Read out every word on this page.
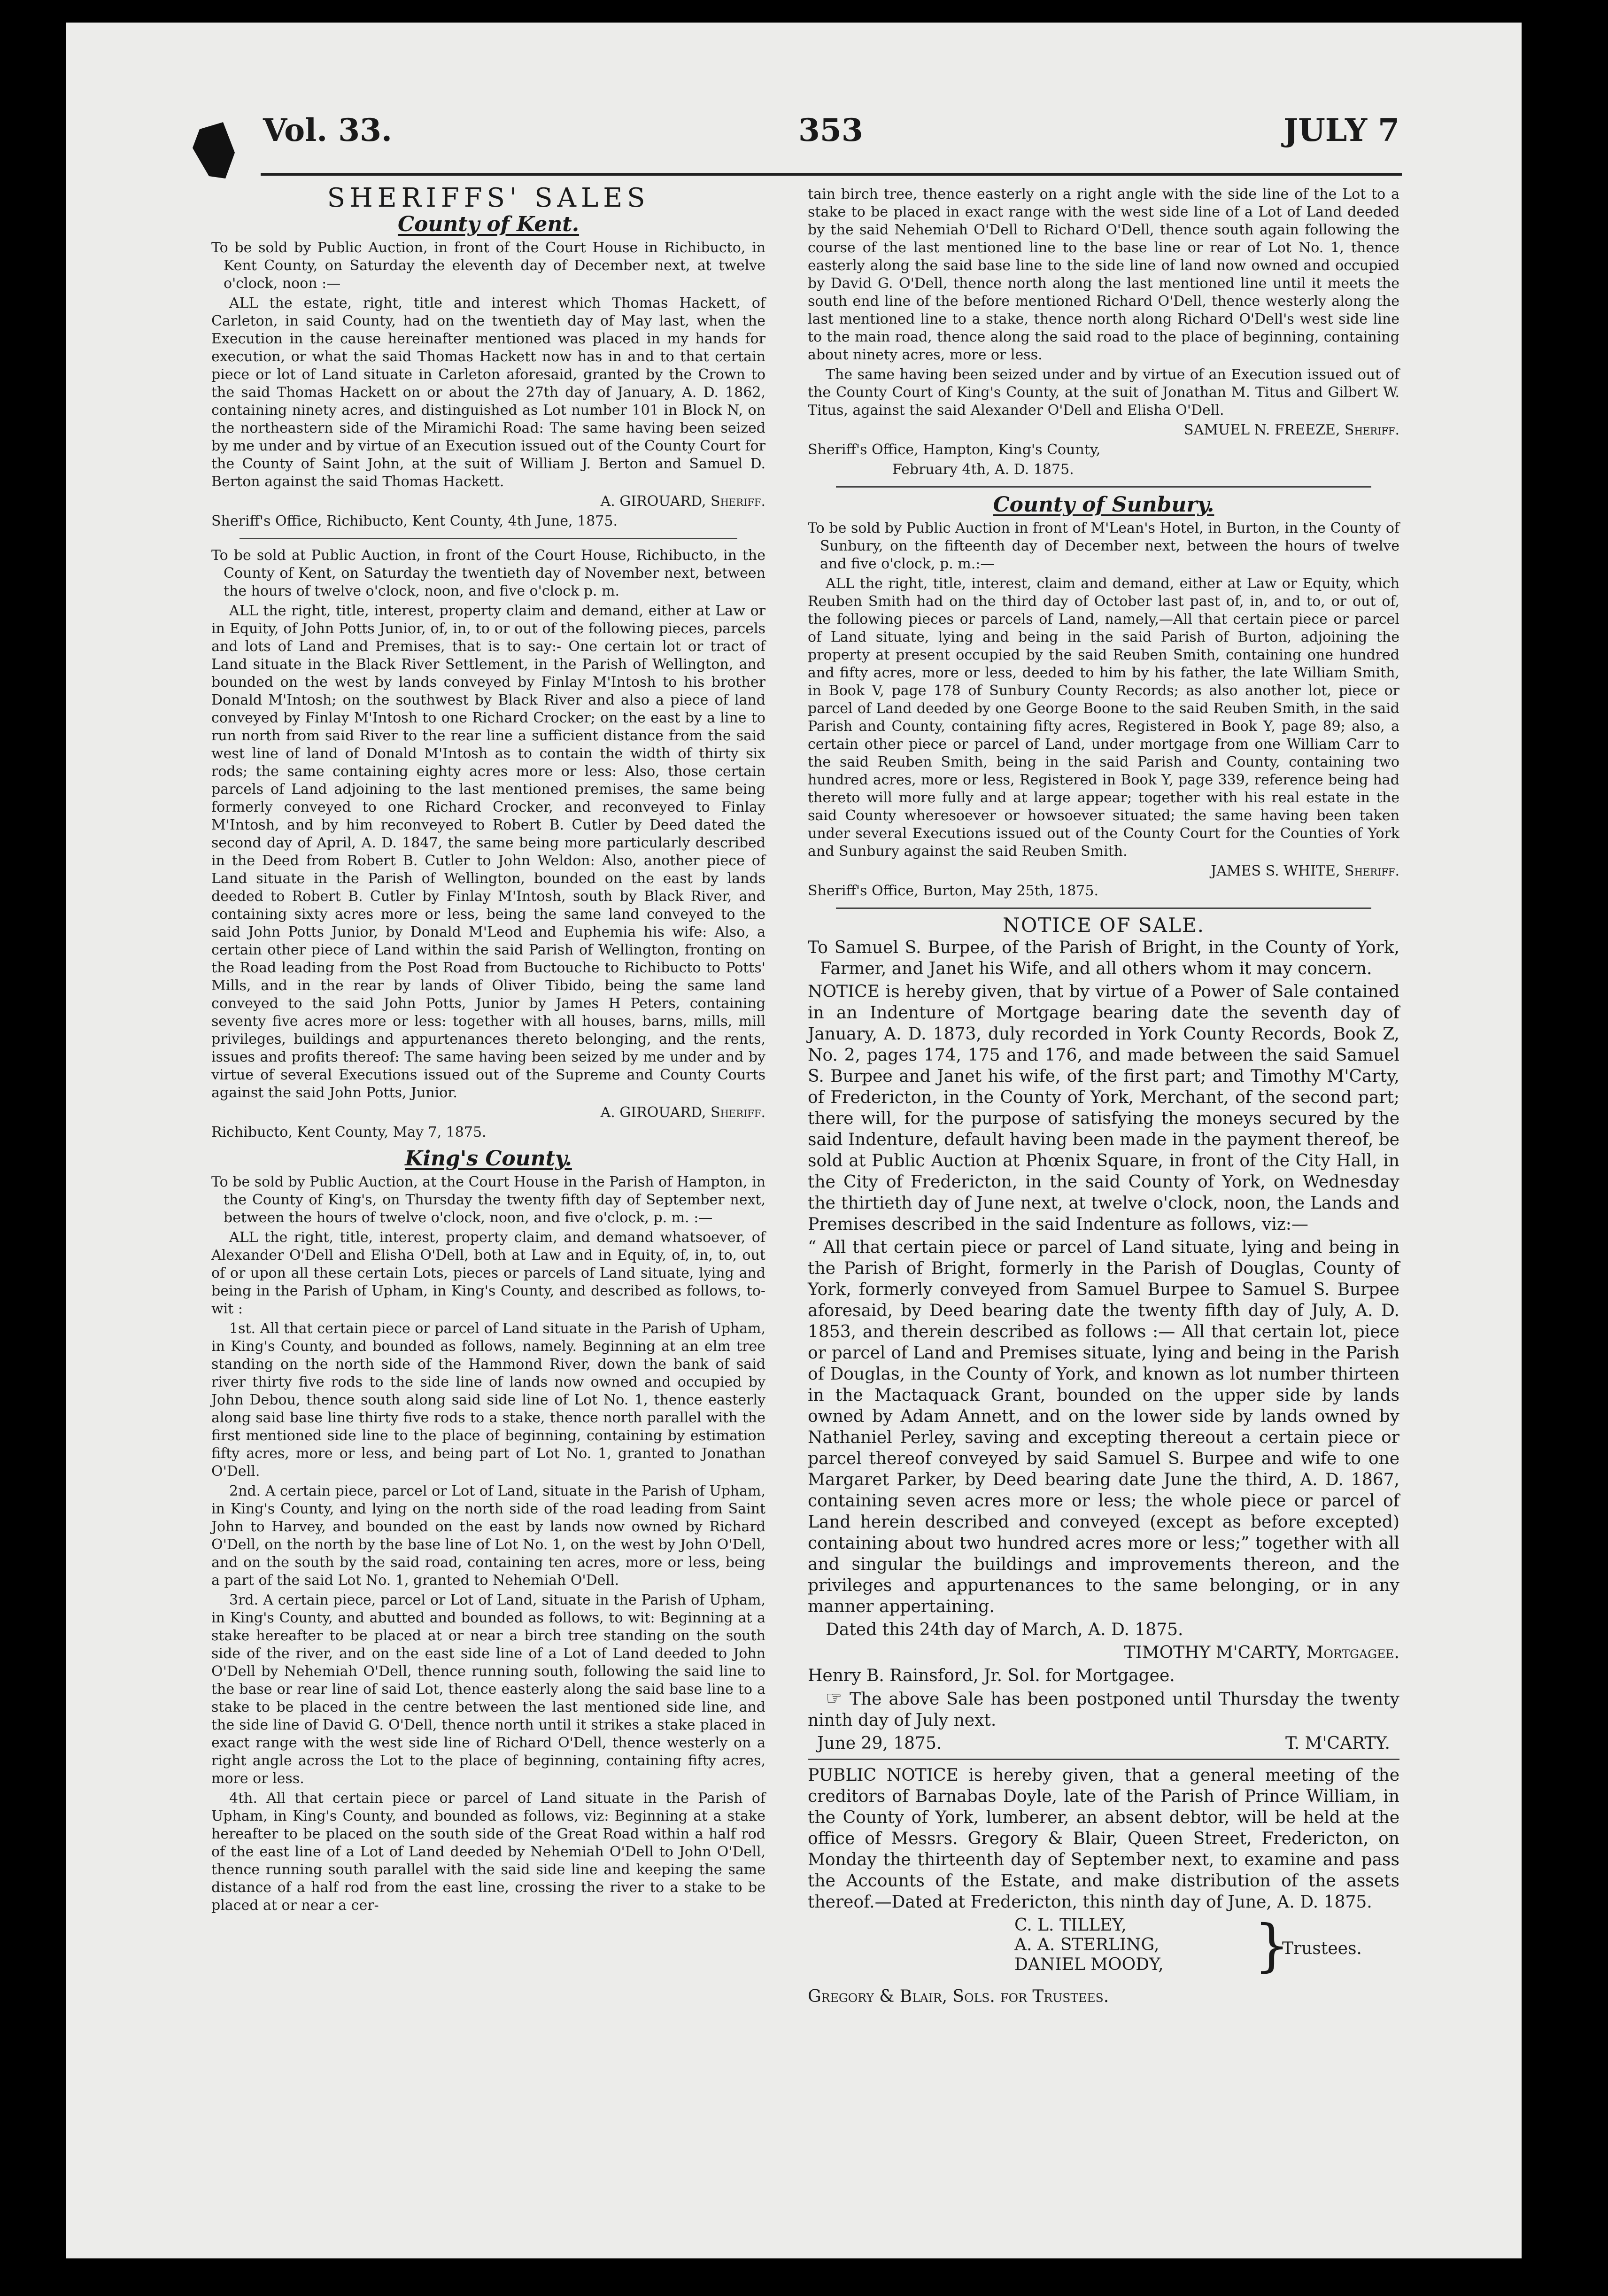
Vol. 33.	353	JULY 7
SHERIFFS' SALES
County of Kent.

To be sold by Public Auction, in front of the Court House in Richibucto, in Kent County, on Saturday the eleventh day of December next, at twelve o'clock, noon :—

ALL the estate, right, title and interest which Thomas Hackett, of Carleton, in said County, had on the twentieth day of May last, when the Execution in the cause hereinafter mentioned was placed in my hands for execution, or what the said Thomas Hackett now has in and to that certain piece or lot of Land situate in Carleton aforesaid, granted by the Crown to the said Thomas Hackett on or about the 27th day of January, A. D. 1862, containing ninety acres, and distinguished as Lot number 101 in Block N, on the northeastern side of the Miramichi Road: The same having been seized by me under and by virtue of an Execution issued out of the County Court for the County of Saint John, at the suit of William J. Berton and Samuel D. Berton against the said Thomas Hackett.

A. GIROUARD, Sheriff.

Sheriff's Office, Richibucto, Kent County, 4th June, 1875.

To be sold at Public Auction, in front of the Court House, Richibucto, in the County of Kent, on Saturday the twentieth day of November next, between the hours of twelve o'clock, noon, and five o'clock p. m.

ALL the right, title, interest, property claim and demand, either at Law or in Equity, of John Potts Junior, of, in, to or out of the following pieces, parcels and lots of Land and Premises, that is to say:- One certain lot or tract of Land situate in the Black River Settlement, in the Parish of Wellington, and bounded on the west by lands conveyed by Finlay M'Intosh to his brother Donald M'Intosh; on the southwest by Black River and also a piece of land conveyed by Finlay M'Intosh to one Richard Crocker; on the east by a line to run north from said River to the rear line a sufficient distance from the said west line of land of Donald M'Intosh as to contain the width of thirty six rods; the same containing eighty acres more or less: Also, those certain parcels of Land adjoining to the last mentioned premises, the same being formerly conveyed to one Richard Crocker, and reconveyed to Finlay M'Intosh, and by him reconveyed to Robert B. Cutler by Deed dated the second day of April, A. D. 1847, the same being more particularly described in the Deed from Robert B. Cutler to John Weldon: Also, another piece of Land situate in the Parish of Wellington, bounded on the east by lands deeded to Robert B. Cutler by Finlay M'Intosh, south by Black River, and containing sixty acres more or less, being the same land conveyed to the said John Potts Junior, by Donald M'Leod and Euphemia his wife: Also, a certain other piece of Land within the said Parish of Wellington, fronting on the Road leading from the Post Road from Buctouche to Richibucto to Potts' Mills, and in the rear by lands of Oliver Tibido, being the same land conveyed to the said John Potts, Junior by James H Peters, containing seventy five acres more or less: together with all houses, barns, mills, mill privileges, buildings and appurtenances thereto belonging, and the rents, issues and profits thereof: The same having been seized by me under and by virtue of several Executions issued out of the Supreme and County Courts against the said John Potts, Junior.

A. GIROUARD, Sheriff.

Richibucto, Kent County, May 7, 1875.

King's County.

To be sold by Public Auction, at the Court House in the Parish of Hampton, in the County of King's, on Thursday the twenty fifth day of September next, between the hours of twelve o'clock, noon, and five o'clock, p. m. :—

ALL the right, title, interest, property claim, and demand whatsoever, of Alexander O'Dell and Elisha O'Dell, both at Law and in Equity, of, in, to, out of or upon all these certain Lots, pieces or parcels of Land situate, lying and being in the Parish of Upham, in King's County, and described as follows, to-wit :

1st. All that certain piece or parcel of Land situate in the Parish of Upham, in King's County, and bounded as follows, namely. Beginning at an elm tree standing on the north side of the Hammond River, down the bank of said river thirty five rods to the side line of lands now owned and occupied by John Debou, thence south along said side line of Lot No. 1, thence easterly along said base line thirty five rods to a stake, thence north parallel with the first mentioned side line to the place of beginning, containing by estimation fifty acres, more or less, and being part of Lot No. 1, granted to Jonathan O'Dell.

2nd. A certain piece, parcel or Lot of Land, situate in the Parish of Upham, in King's County, and lying on the north side of the road leading from Saint John to Harvey, and bounded on the east by lands now owned by Richard O'Dell, on the north by the base line of Lot No. 1, on the west by John O'Dell, and on the south by the said road, containing ten acres, more or less, being a part of the said Lot No. 1, granted to Nehemiah O'Dell.

3rd. A certain piece, parcel or Lot of Land, situate in the Parish of Upham, in King's County, and abutted and bounded as follows, to wit: Beginning at a stake hereafter to be placed at or near a birch tree standing on the south side of the river, and on the east side line of a Lot of Land deeded to John O'Dell by Nehemiah O'Dell, thence running south, following the said line to the base or rear line of said Lot, thence easterly along the said base line to a stake to be placed in the centre between the last mentioned side line, and the side line of David G. O'Dell, thence north until it strikes a stake placed in exact range with the west side line of Richard O'Dell, thence westerly on a right angle across the Lot to the place of beginning, containing fifty acres, more or less.

4th. All that certain piece or parcel of Land situate in the Parish of Upham, in King's County, and bounded as follows, viz: Beginning at a stake hereafter to be placed on the south side of the Great Road within a half rod of the east line of a Lot of Land deeded by Nehemiah O'Dell to John O'Dell, thence running south parallel with the said side line and keeping the same distance of a half rod from the east line, crossing the river to a stake to be placed at or near a cer-

tain birch tree, thence easterly on a right angle with the side line of the Lot to a stake to be placed in exact range with the west side line of a Lot of Land deeded by the said Nehemiah O'Dell to Richard O'Dell, thence south again following the course of the last mentioned line to the base line or rear of Lot No. 1, thence easterly along the said base line to the side line of land now owned and occupied by David G. O'Dell, thence north along the last mentioned line until it meets the south end line of the before mentioned Richard O'Dell, thence westerly along the last mentioned line to a stake, thence north along Richard O'Dell's west side line to the main road, thence along the said road to the place of beginning, containing about ninety acres, more or less.

The same having been seized under and by virtue of an Execution issued out of the County Court of King's County, at the suit of Jonathan M. Titus and Gilbert W. Titus, against the said Alexander O'Dell and Elisha O'Dell.

SAMUEL N. FREEZE, Sheriff.

Sheriff's Office, Hampton, King's County,

February 4th, A. D. 1875.

County of Sunbury.

To be sold by Public Auction in front of M'Lean's Hotel, in Burton, in the County of Sunbury, on the fifteenth day of December next, between the hours of twelve and five o'clock, p. m.:—

ALL the right, title, interest, claim and demand, either at Law or Equity, which Reuben Smith had on the third day of October last past of, in, and to, or out of, the following pieces or parcels of Land, namely,—All that certain piece or parcel of Land situate, lying and being in the said Parish of Burton, adjoining the property at present occupied by the said Reuben Smith, containing one hundred and fifty acres, more or less, deeded to him by his father, the late William Smith, in Book V, page 178 of Sunbury County Records; as also another lot, piece or parcel of Land deeded by one George Boone to the said Reuben Smith, in the said Parish and County, containing fifty acres, Registered in Book Y, page 89; also, a certain other piece or parcel of Land, under mortgage from one William Carr to the said Reuben Smith, being in the said Parish and County, containing two hundred acres, more or less, Registered in Book Y, page 339, reference being had thereto will more fully and at large appear; together with his real estate in the said County wheresoever or howsoever situated; the same having been taken under several Executions issued out of the County Court for the Counties of York and Sunbury against the said Reuben Smith.

JAMES S. WHITE, Sheriff.

Sheriff's Office, Burton, May 25th, 1875.

NOTICE OF SALE.

To Samuel S. Burpee, of the Parish of Bright, in the County of York, Farmer, and Janet his Wife, and all others whom it may concern.

NOTICE is hereby given, that by virtue of a Power of Sale contained in an Indenture of Mortgage bearing date the seventh day of January, A. D. 1873, duly recorded in York County Records, Book Z, No. 2, pages 174, 175 and 176, and made between the said Samuel S. Burpee and Janet his wife, of the first part; and Timothy M'Carty, of Fredericton, in the County of York, Merchant, of the second part; there will, for the purpose of satisfying the moneys secured by the said Indenture, default having been made in the payment thereof, be sold at Public Auction at Phœnix Square, in front of the City Hall, in the City of Fredericton, in the said County of York, on Wednesday the thirtieth day of June next, at twelve o'clock, noon, the Lands and Premises described in the said Indenture as follows, viz:—

“ All that certain piece or parcel of Land situate, lying and being in the Parish of Bright, formerly in the Parish of Douglas, County of York, formerly conveyed from Samuel Burpee to Samuel S. Burpee aforesaid, by Deed bearing date the twenty fifth day of July, A. D. 1853, and therein described as follows :— All that certain lot, piece or parcel of Land and Premises situate, lying and being in the Parish of Douglas, in the County of York, and known as lot number thirteen in the Mactaquack Grant, bounded on the upper side by lands owned by Adam Annett, and on the lower side by lands owned by Nathaniel Perley, saving and excepting thereout a certain piece or parcel thereof conveyed by said Samuel S. Burpee and wife to one Margaret Parker, by Deed bearing date June the third, A. D. 1867, containing seven acres more or less; the whole piece or parcel of Land herein described and conveyed (except as before excepted) containing about two hundred acres more or less;” together with all and singular the buildings and improvements thereon, and the privileges and appurtenances to the same belonging, or in any manner appertaining.

Dated this 24th day of March, A. D. 1875.

TIMOTHY M'CARTY, Mortgagee.

Henry B. Rainsford, Jr. Sol. for Mortgagee.

☞ The above Sale has been postponed until Thursday the twenty ninth day of July next.

June 29, 1875.	T. M'CARTY.

PUBLIC NOTICE is hereby given, that a general meeting of the creditors of Barnabas Doyle, late of the Parish of Prince William, in the County of York, lumberer, an absent debtor, will be held at the office of Messrs. Gregory & Blair, Queen Street, Fredericton, on Monday the thirteenth day of September next, to examine and pass the Accounts of the Estate, and make distribution of the assets thereof.—Dated at Fredericton, this ninth day of June, A. D. 1875.

C. L. TILLEY,
A. A. STERLING,
DANIEL MOODY, }
Trustees.

Gregory & Blair, Sols. for Trustees.
